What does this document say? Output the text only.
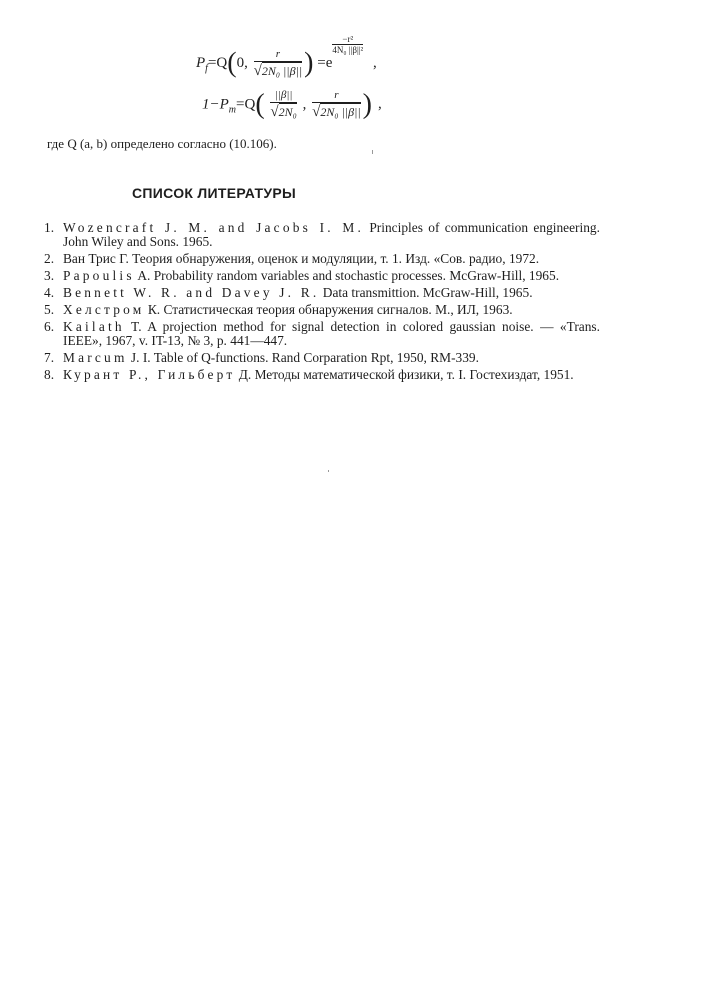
$P_f=Q(0$, $\frac{r}{\text{√2N₀ ||β||}}$ ) =e
$\frac{\text{−r²}}{\text{4N₀ ||β||²}}$
,
$1-P_m=Q( \frac{||\beta||}{\text{√2N₀}}$ , $\frac{r}{\text{√2N₀ ||β||}}$ ) ,
где Q (a, b) определено согласно (10.106).
СПИСОК ЛИТЕРАТУРЫ
1. Wozencraft J. M. and Jacobs I. M. Principles of communication engineering. John Wiley and Sons. 1965.
2. Ван Трис Г. Теория обнаружения, оценок и модуляции, т. 1. Изд. «Сов. радио, 1972.
3. Papoulis A. Probability random variables and stochastic processes. McGraw-Hill, 1965.
4. Bennett W. R. and Davey J. R. Data transmittion. McGraw-Hill, 1965.
5. Хелстром К. Статистическая теория обнаружения сигналов. М., ИЛ, 1963.
6. Kailath T. A projection method for signal detection in colored gaussian noise. — «Trans. IEEE», 1967, v. IT-13, № 3, p. 441—447.
7. Marcum J. I. Table of Q-functions. Rand Corparation Rpt, 1950, RM-339.
8. Курант Р., Гильберт Д. Методы математической физики, т. I. Гостехиздат, 1951.
